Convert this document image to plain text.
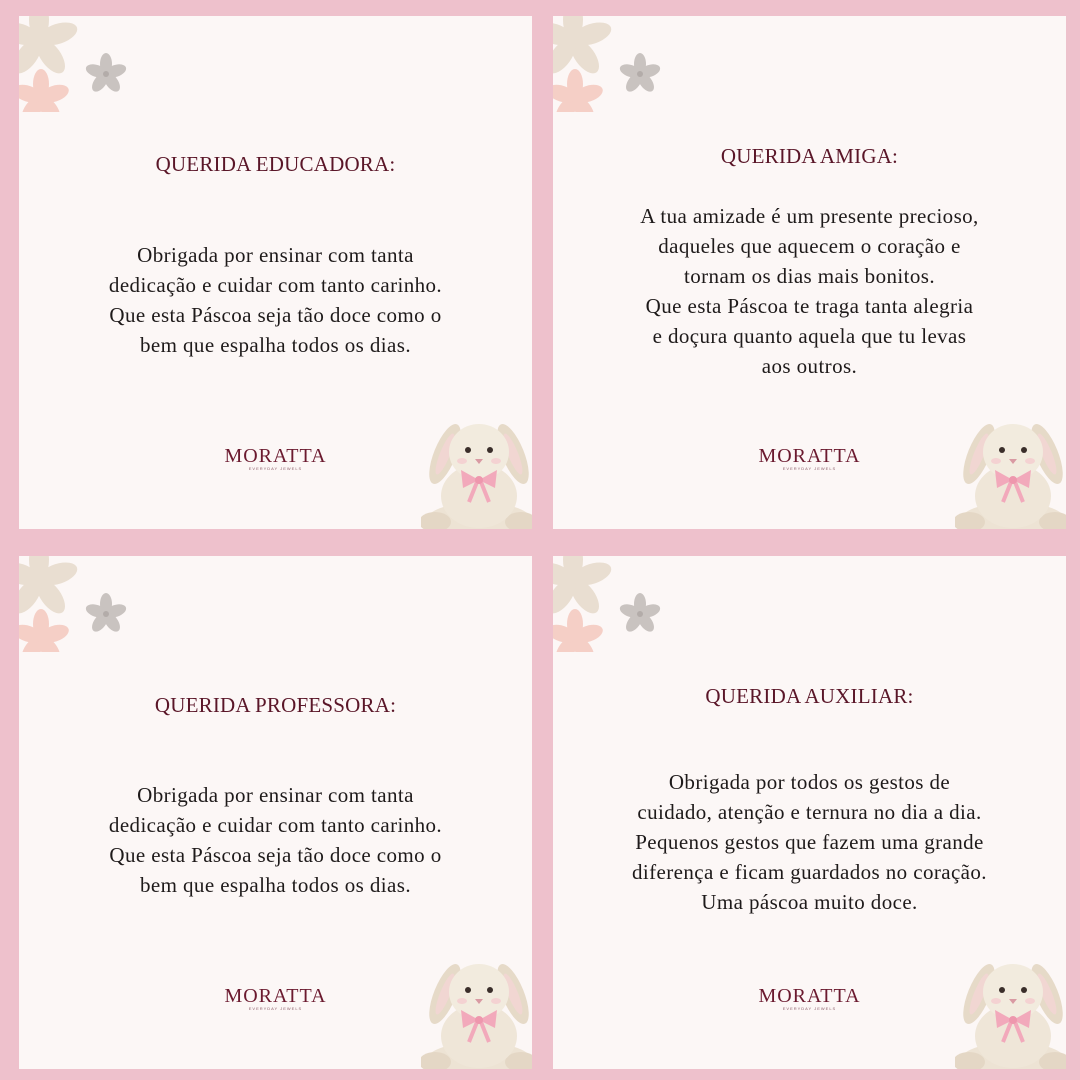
QUERIDA EDUCADORA:
Obrigada por ensinar com tanta
dedicação e cuidar com tanto carinho.
Que esta Páscoa seja tão doce como o
bem que espalha todos os dias.
MORATTA
EVERYDAY JEWELS
QUERIDA AMIGA:
A tua amizade é um presente precioso,
daqueles que aquecem o coração e
tornam os dias mais bonitos.
Que esta Páscoa te traga tanta alegria
e doçura quanto aquela que tu levas
aos outros.
MORATTA
EVERYDAY JEWELS
QUERIDA PROFESSORA:
Obrigada por ensinar com tanta
dedicação e cuidar com tanto carinho.
Que esta Páscoa seja tão doce como o
bem que espalha todos os dias.
MORATTA
EVERYDAY JEWELS
QUERIDA AUXILIAR:
Obrigada por todos os gestos de
cuidado, atenção e ternura no dia a dia.
Pequenos gestos que fazem uma grande
diferença e ficam guardados no coração.
Uma páscoa muito doce.
MORATTA
EVERYDAY JEWELS
